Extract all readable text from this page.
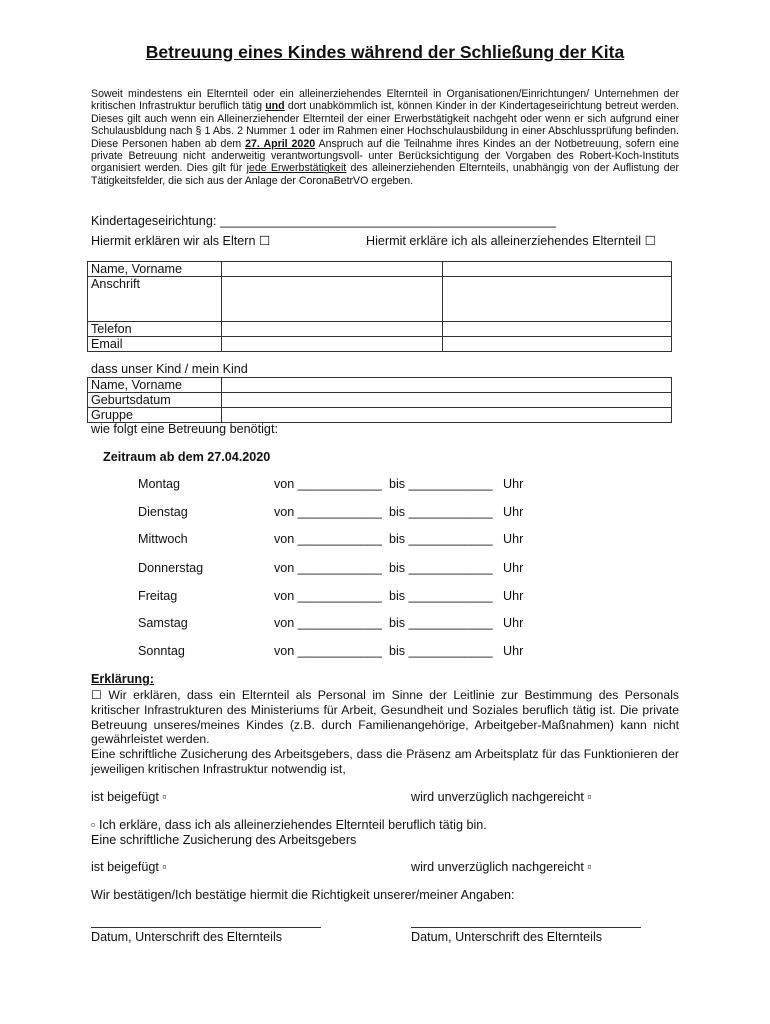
Betreuung eines Kindes während der Schließung der Kita
Soweit mindestens ein Elternteil oder ein alleinerziehendes Elternteil in Organisationen/Einrichtungen/ Unternehmen der kritischen Infrastruktur beruflich tätig und dort unabkömmlich ist, können Kinder in der Kindertageseirichtung betreut werden. Dieses gilt auch wenn ein Alleinerziehender Elternteil der einer Erwerbstätigkeit nachgeht oder wenn er sich aufgrund einer Schulausbldung nach § 1 Abs. 2 Nummer 1 oder im Rahmen einer Hochschulausbildung in einer Abschlussprüfung befinden. Diese Personen haben ab dem 27. April 2020 Anspruch auf die Teilnahme ihres Kindes an der Notbetreuung, sofern eine private Betreuung nicht anderweitig verantwortungsvoll- unter Berücksichtigung der Vorgaben des Robert-Koch-Instituts organisiert werden. Dies gilt für jede Erwerbstätigkeit des alleinerziehenden Elternteils, unabhängig von der Auflistung der Tätigkeitsfelder, die sich aus der Anlage der CoronaBetrVO ergeben.
Kindertageseirichtung: ________________________________________________
Hiermit erklären wir als Eltern ☐	Hiermit erkläre ich als alleinerziehendes Elternteil ☐
Name, Vorname		
Anschrift		
Telefon		
Email		
dass unser Kind / mein Kind
Name, Vorname	
Geburtsdatum	
Gruppe	
wie folgt eine Betreuung benötigt:
Zeitraum ab dem 27.04.2020
Montag	von ____________ bis ____________ Uhr
Dienstag	von ____________ bis ____________ Uhr
Mittwoch	von ____________ bis ____________ Uhr
Donnerstag	von ____________ bis ____________ Uhr
Freitag	von ____________ bis ____________ Uhr
Samstag	von ____________ bis ____________ Uhr
Sonntag	von ____________ bis ____________ Uhr
Erklärung:
☐ Wir erklären, dass ein Elternteil als Personal im Sinne der Leitlinie zur Bestimmung des Personals kritischer Infrastrukturen des Ministeriums für Arbeit, Gesundheit und Soziales beruflich tätig ist. Die private Betreuung unseres/meines Kindes (z.B. durch Familienangehörige, Arbeitgeber-Maßnahmen) kann nicht gewährleistet werden.
Eine schriftliche Zusicherung des Arbeitsgebers, dass die Präsenz am Arbeitsplatz für das Funktionieren der jeweiligen kritischen Infrastruktur notwendig ist,
ist beigefügt ▫	wird unverzüglich nachgereicht ▫
▫ Ich erkläre, dass ich als alleinerziehendes Elternteil beruflich tätig bin.
Eine schriftliche Zusicherung des Arbeitsgebers
ist beigefügt ▫	wird unverzüglich nachgereicht ▫
Wir bestätigen/Ich bestätige hiermit die Richtigkeit unserer/meiner Angaben:
Datum, Unterschrift des Elternteils	Datum, Unterschrift des Elternteils
